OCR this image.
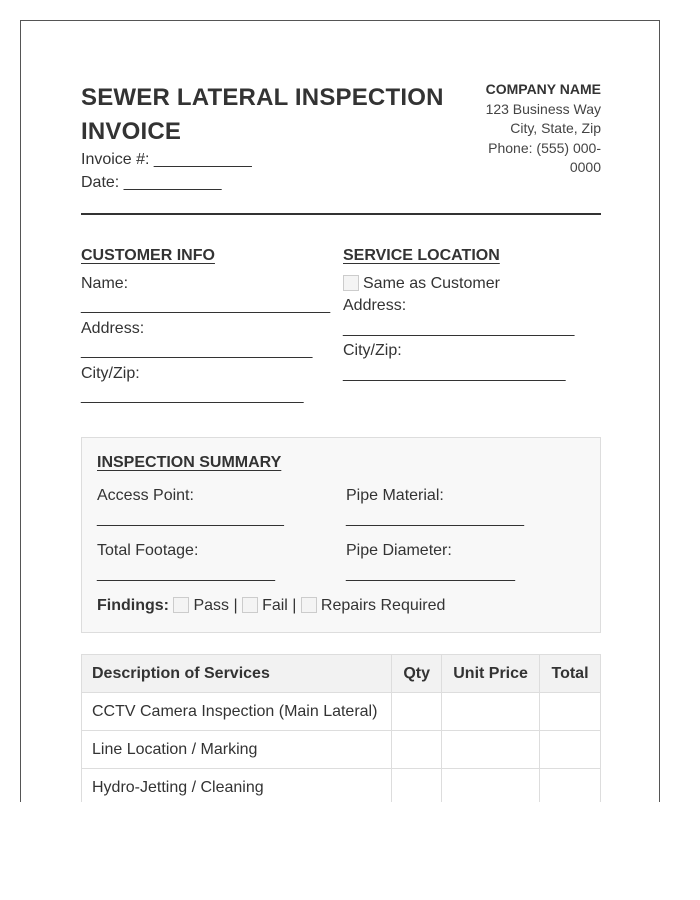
SEWER LATERAL INSPECTION INVOICE
Invoice #: ___________
Date: ___________
COMPANY NAME
123 Business Way
City, State, Zip
Phone: (555) 000-
0000
CUSTOMER INFO
Name:
____________________________
Address:
__________________________
City/Zip:
_________________________
SERVICE LOCATION
Same as Customer
Address:
__________________________
City/Zip:
_________________________
INSPECTION SUMMARY
Access Point:
_____________________
Pipe Material:
____________________
Total Footage:
____________________
Pipe Diameter:
___________________
Findings: Pass | Fail | Repairs Required
Description of Services	Qty	Unit Price	Total
CCTV Camera Inspection (Main Lateral)			
Line Location / Marking			
Hydro-Jetting / Cleaning			
